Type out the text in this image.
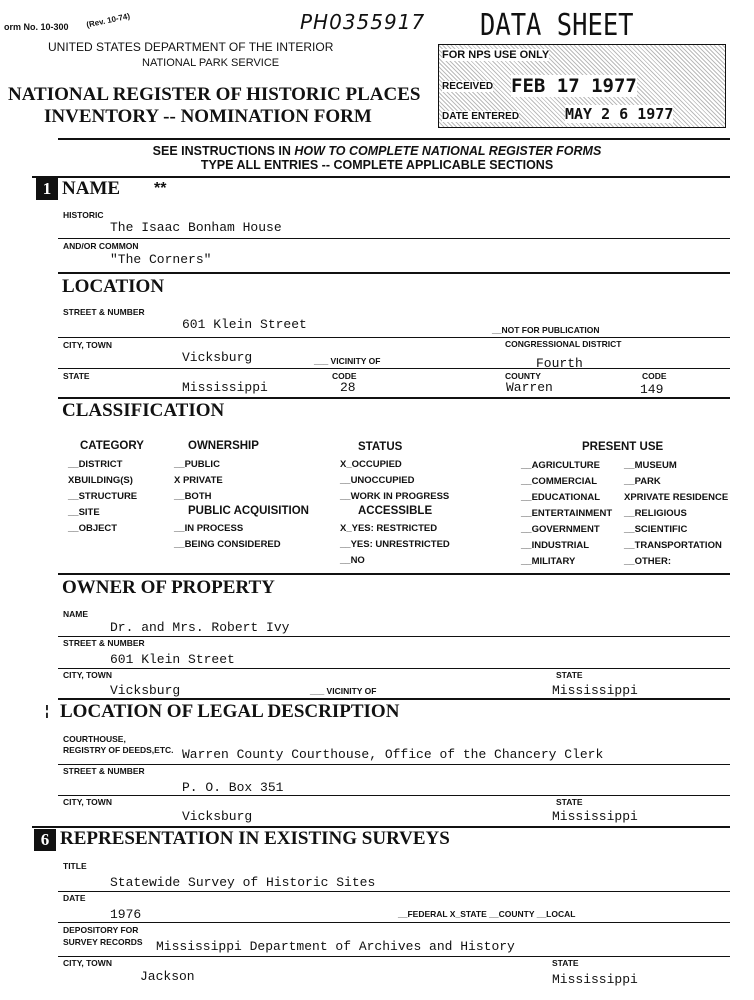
orm No. 10-300 (Rev. 10-74)	PH0355917 DATA SHEET
UNITED STATES DEPARTMENT OF THE INTERIOR
NATIONAL PARK SERVICE
NATIONAL REGISTER OF HISTORIC PLACES
INVENTORY -- NOMINATION FORM
FOR NPS USE ONLY
RECEIVED FEB 17 1977
DATE ENTERED	MAY 2 6 1977
SEE INSTRUCTIONS IN HOW TO COMPLETE NATIONAL REGISTER FORMS
TYPE ALL ENTRIES -- COMPLETE APPLICABLE SECTIONS
1 NAME **
HISTORIC
The Isaac Bonham House
AND/OR COMMON
"The Corners"
LOCATION
STREET & NUMBER
601 Klein Street	__NOT FOR PUBLICATION
CITY, TOWN	CONGRESSIONAL DISTRICT
Vicksburg	___ VICINITY OF	Fourth
STATE	CODE	COUNTY	CODE
Mississippi	28	Warren	149
CLASSIFICATION
CATEGORY	OWNERSHIP	STATUS	PRESENT USE
__DISTRICT
XBUILDING(S)
__STRUCTURE
__SITE
__OBJECT
__PUBLIC
X PRIVATE
__BOTH
PUBLIC ACQUISITION
__IN PROCESS
__BEING CONSIDERED
X_OCCUPIED
__UNOCCUPIED
__WORK IN PROGRESS
ACCESSIBLE
X_YES: RESTRICTED
__YES: UNRESTRICTED
__NO
__AGRICULTURE
__COMMERCIAL
__EDUCATIONAL
__ENTERTAINMENT
__GOVERNMENT
__INDUSTRIAL
__MILITARY
__MUSEUM
__PARK
XPRIVATE RESIDENCE
__RELIGIOUS
__SCIENTIFIC
__TRANSPORTATION
__OTHER:
OWNER OF PROPERTY
NAME
Dr. and Mrs. Robert Ivy
STREET & NUMBER
601 Klein Street
CITY, TOWN	STATE
Vicksburg	___ VICINITY OF	Mississippi
¦ LOCATION OF LEGAL DESCRIPTION
COURTHOUSE,
REGISTRY OF DEEDS,ETC. Warren County Courthouse, Office of the Chancery Clerk
STREET & NUMBER
P. O. Box 351
CITY, TOWN	STATE
Vicksburg	Mississippi
6 REPRESENTATION IN EXISTING SURVEYS
TITLE
Statewide Survey of Historic Sites
DATE
1976	__FEDERAL X_STATE __COUNTY __LOCAL
DEPOSITORY FOR
SURVEY RECORDS Mississippi Department of Archives and History
CITY, TOWN	STATE
Jackson	Mississippi
